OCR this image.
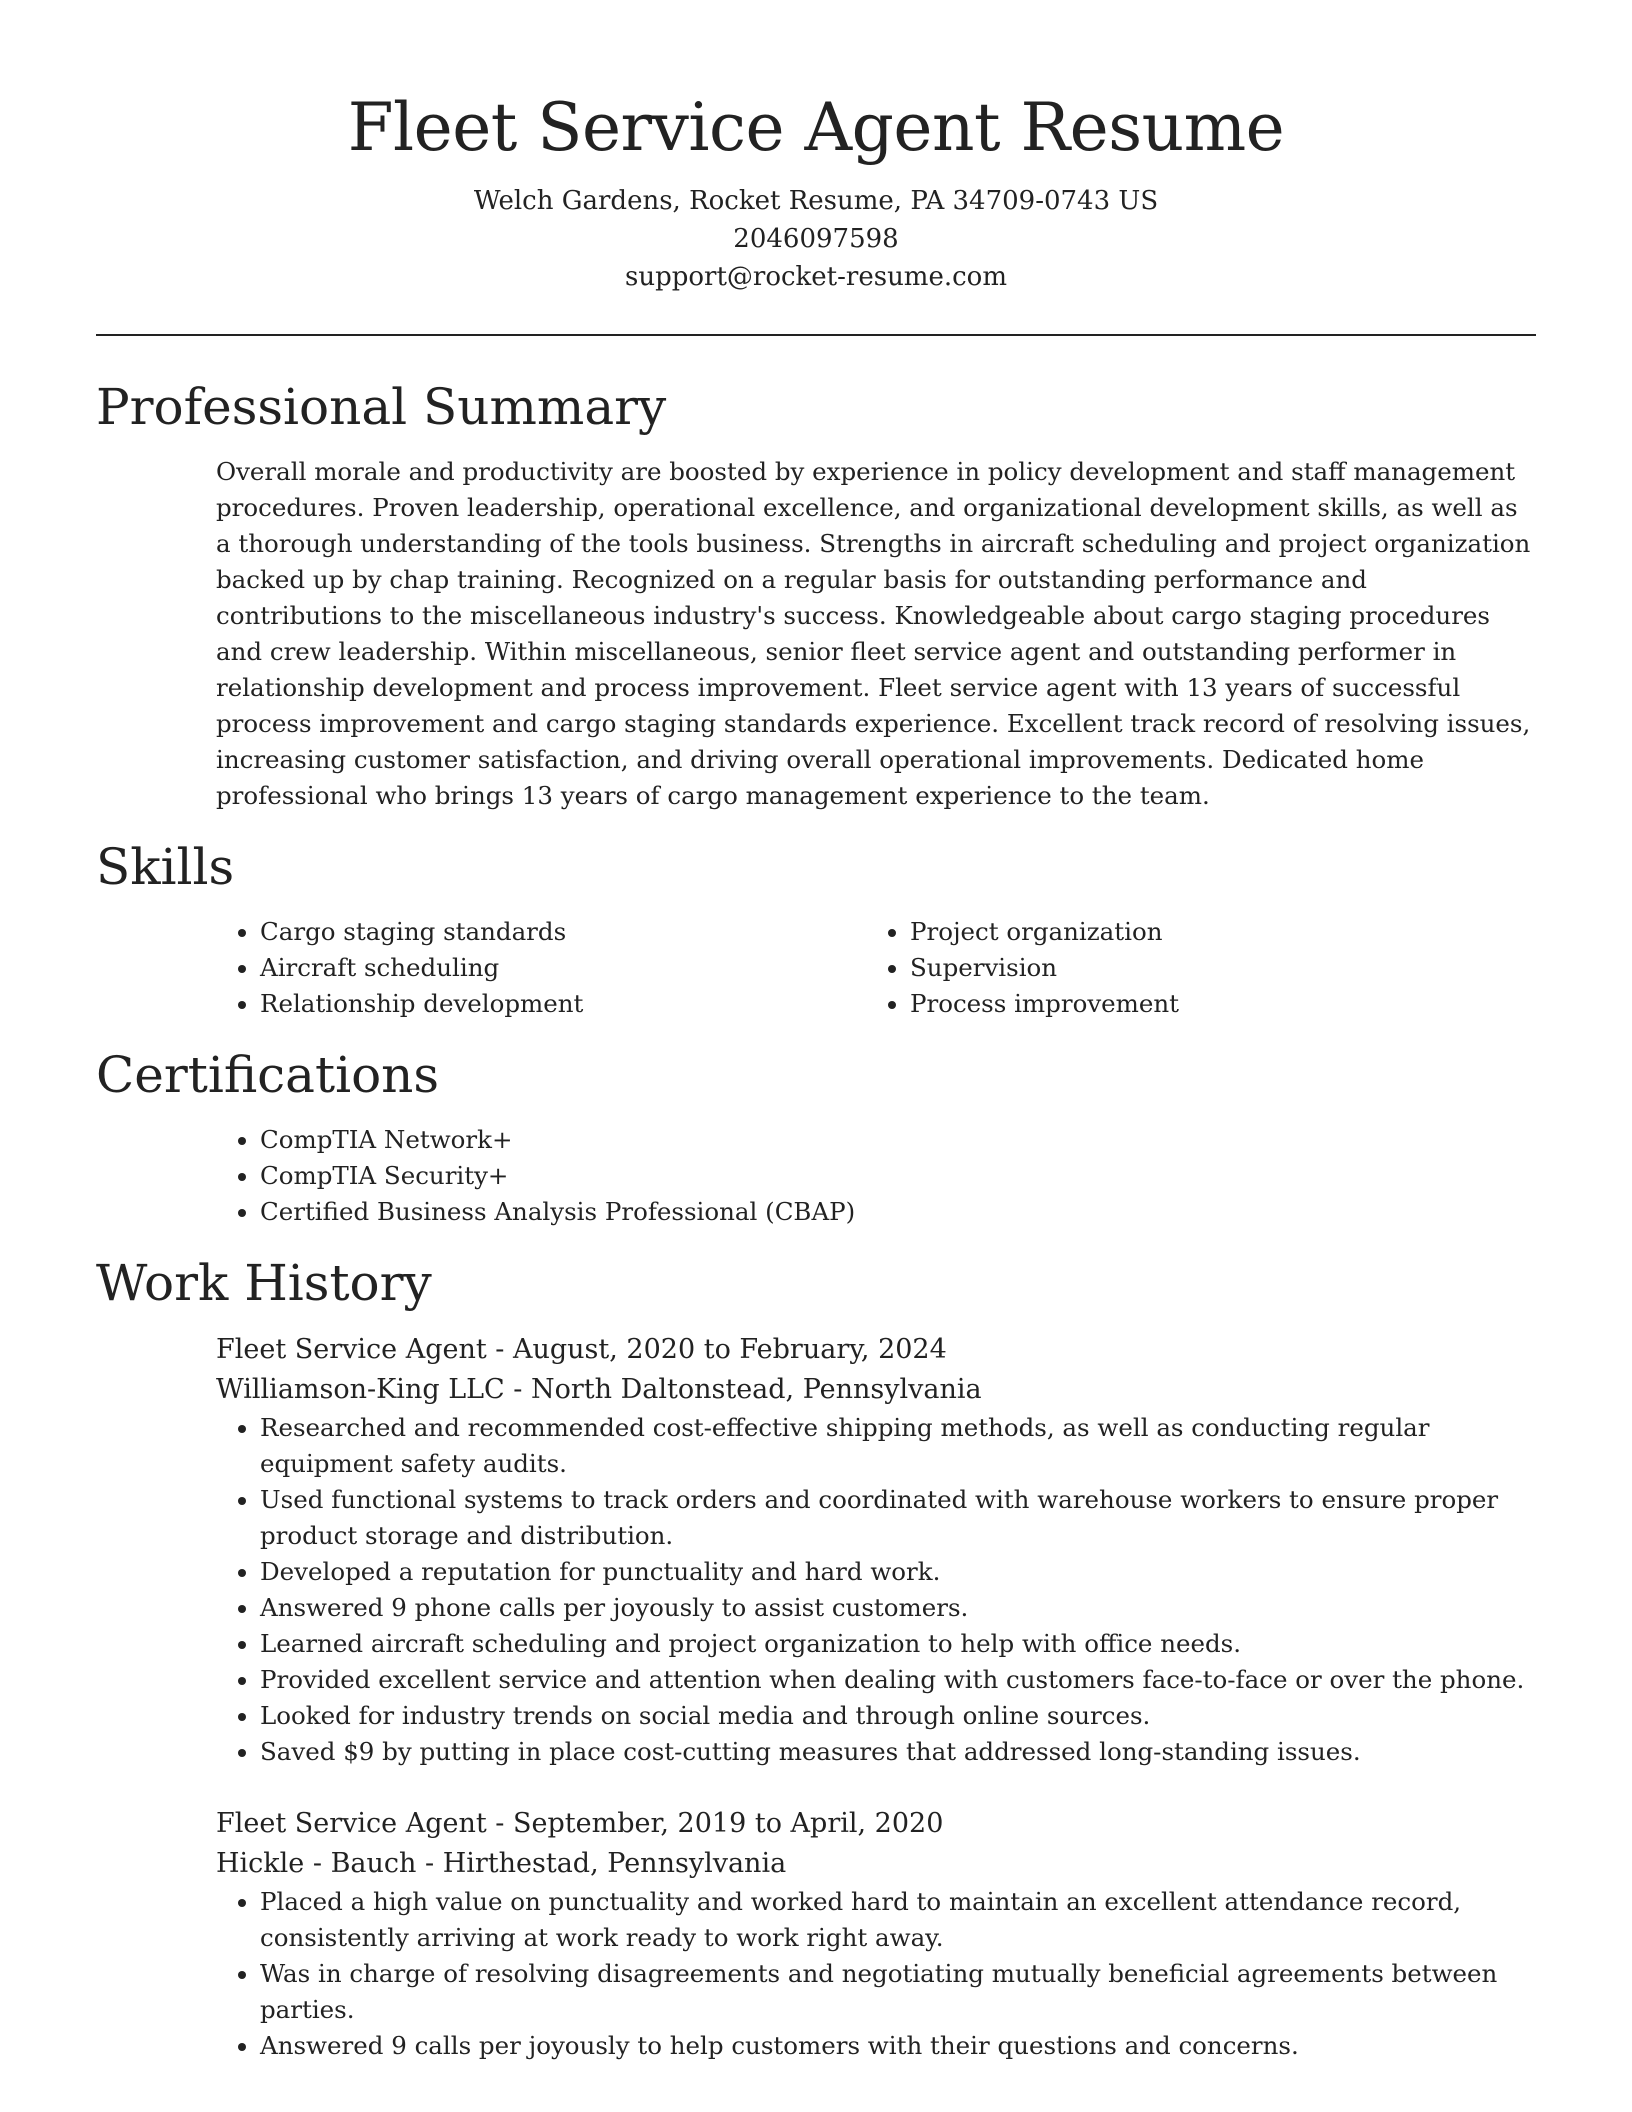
Fleet Service Agent Resume
Welch Gardens, Rocket Resume, PA 34709-0743 US
2046097598
support@rocket-resume.com
Professional Summary

Overall morale and productivity are boosted by experience in policy development and staff management procedures. Proven leadership, operational excellence, and organizational development skills, as well as a thorough understanding of the tools business. Strengths in aircraft scheduling and project organization backed up by chap training. Recognized on a regular basis for outstanding performance and contributions to the miscellaneous industry's success. Knowledgeable about cargo staging procedures and crew leadership. Within miscellaneous, senior fleet service agent and outstanding performer in relationship development and process improvement. Fleet service agent with 13 years of successful process improvement and cargo staging standards experience. Excellent track record of resolving issues, increasing customer satisfaction, and driving overall operational improvements. Dedicated home professional who brings 13 years of cargo management experience to the team.

Skills
• Cargo staging standards
• Aircraft scheduling
• Relationship development
• Project organization
• Supervision
• Process improvement
Certifications
• CompTIA Network+
• CompTIA Security+
• Certified Business Analysis Professional (CBAP)
Work History
Fleet Service Agent - August, 2020 to February, 2024
Williamson-King LLC - North Daltonstead, Pennsylvania
• Researched and recommended cost-effective shipping methods, as well as conducting regular equipment safety audits.
• Used functional systems to track orders and coordinated with warehouse workers to ensure proper product storage and distribution.
• Developed a reputation for punctuality and hard work.
• Answered 9 phone calls per joyously to assist customers.
• Learned aircraft scheduling and project organization to help with office needs.
• Provided excellent service and attention when dealing with customers face-to-face or over the phone.
• Looked for industry trends on social media and through online sources.
• Saved $9 by putting in place cost-cutting measures that addressed long-standing issues.
Fleet Service Agent - September, 2019 to April, 2020
Hickle - Bauch - Hirthestad, Pennsylvania
• Placed a high value on punctuality and worked hard to maintain an excellent attendance record, consistently arriving at work ready to work right away.
• Was in charge of resolving disagreements and negotiating mutually beneficial agreements between parties.
• Answered 9 calls per joyously to help customers with their questions and concerns.
